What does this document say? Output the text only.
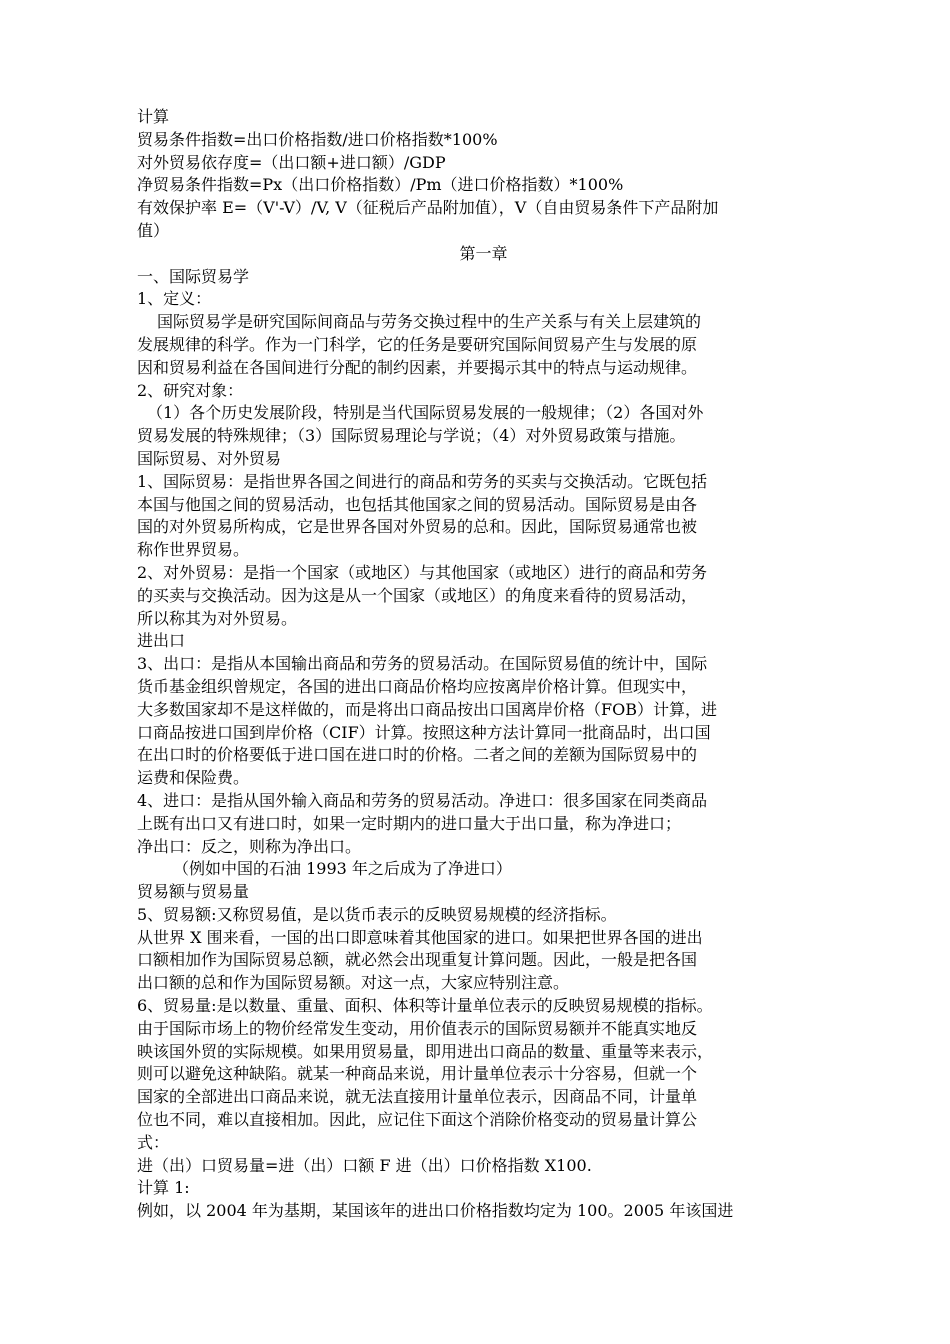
计算
贸易条件指数=出口价格指数/进口价格指数*100%
对外贸易依存度=（出口额+进口额）/GDP
净贸易条件指数=Px（出口价格指数）/Pm（进口价格指数）*100%
有效保护率 E=（V'-V）/V, V（征税后产品附加值），V（自由贸易条件下产品附加
值）
第一章
一、国际贸易学
1、定义：
国际贸易学是研究国际间商品与劳务交换过程中的生产关系与有关上层建筑的
发展规律的科学。作为一门科学，它的任务是要研究国际间贸易产生与发展的原
因和贸易利益在各国间进行分配的制约因素，并要揭示其中的特点与运动规律。
2、研究对象：
（1）各个历史发展阶段，特别是当代国际贸易发展的一般规律；（2）各国对外
贸易发展的特殊规律；（3）国际贸易理论与学说；（4）对外贸易政策与措施。
国际贸易、对外贸易
1、国际贸易：是指世界各国之间进行的商品和劳务的买卖与交换活动。它既包括
本国与他国之间的贸易活动，也包括其他国家之间的贸易活动。国际贸易是由各
国的对外贸易所构成，它是世界各国对外贸易的总和。因此，国际贸易通常也被
称作世界贸易。
2、对外贸易：是指一个国家（或地区）与其他国家（或地区）进行的商品和劳务
的买卖与交换活动。因为这是从一个国家（或地区）的角度来看待的贸易活动，
所以称其为对外贸易。
进出口
3、出口：是指从本国输出商品和劳务的贸易活动。在国际贸易值的统计中，国际
货币基金组织曾规定，各国的进出口商品价格均应按离岸价格计算。但现实中，
大多数国家却不是这样做的，而是将出口商品按出口国离岸价格（FOB）计算，进
口商品按进口国到岸价格（CIF）计算。按照这种方法计算同一批商品时，出口国
在出口时的价格要低于进口国在进口时的价格。二者之间的差额为国际贸易中的
运费和保险费。
4、进口：是指从国外输入商品和劳务的贸易活动。净进口：很多国家在同类商品
上既有出口又有进口时，如果一定时期内的进口量大于出口量，称为净进口；
净出口：反之，则称为净出口。
（例如中国的石油 1993 年之后成为了净进口）
贸易额与贸易量
5、贸易额:又称贸易值，是以货币表示的反映贸易规模的经济指标。
从世界 X 围来看，一国的出口即意味着其他国家的进口。如果把世界各国的进出
口额相加作为国际贸易总额，就必然会出现重复计算问题。因此，一般是把各国
出口额的总和作为国际贸易额。对这一点，大家应特别注意。
6、贸易量:是以数量、重量、面积、体积等计量单位表示的反映贸易规模的指标。
由于国际市场上的物价经常发生变动，用价值表示的国际贸易额并不能真实地反
映该国外贸的实际规模。如果用贸易量，即用进出口商品的数量、重量等来表示，
则可以避免这种缺陷。就某一种商品来说，用计量单位表示十分容易，但就一个
国家的全部进出口商品来说，就无法直接用计量单位表示，因商品不同，计量单
位也不同，难以直接相加。因此，应记住下面这个消除价格变动的贸易量计算公
式：
进（出）口贸易量=进（出）口额 F 进（出）口价格指数 X100.
计算 1:
例如，以 2004 年为基期，某国该年的进出口价格指数均定为 100。2005 年该国进
